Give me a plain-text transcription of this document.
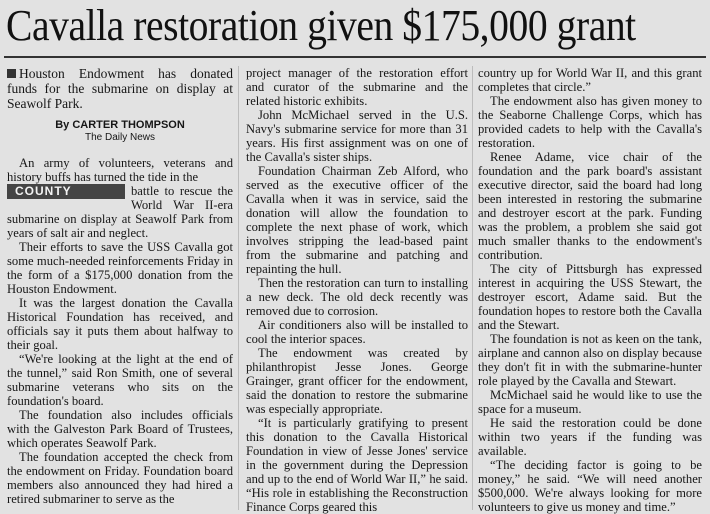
Cavalla restoration given $175,000 grant
Houston Endowment has donated funds for the submarine on display at Seawolf Park.
By CARTER THOMPSON
The Daily News

An army of volunteers, veterans and history buffs has turned the tide in the

COUNTY	battle to rescue the World War II-era submarine on display at Seawolf Park from years of salt air and neglect.

Their efforts to save the USS Cavalla got some much-needed reinforcements Friday in the form of a $175,000 donation from the Houston Endowment.

It was the largest donation the Cavalla Historical Foundation has received, and officials say it puts them about halfway to their goal.

“We're looking at the light at the end of the tunnel,” said Ron Smith, one of several submarine veterans who sits on the foundation's board.

The foundation also includes officials with the Galveston Park Board of Trustees, which operates Seawolf Park.

The foundation accepted the check from the endowment on Friday. Foundation board members also announced they had hired a retired submariner to serve as the

project manager of the restoration effort and curator of the submarine and the related historic exhibits.

John McMichael served in the U.S. Navy's submarine service for more than 31 years. His first assignment was on one of the Cavalla's sister ships.

Foundation Chairman Zeb Alford, who served as the executive officer of the Cavalla when it was in service, said the donation will allow the foundation to complete the next phase of work, which involves stripping the lead-based paint from the submarine and patching and repainting the hull.

Then the restoration can turn to installing a new deck. The old deck recently was removed due to corrosion.

Air conditioners also will be installed to cool the interior spaces.

The endowment was created by philanthropist Jesse Jones. George Grainger, grant officer for the endowment, said the donation to restore the submarine was especially appropriate.

“It is particularly gratifying to present this donation to the Cavalla Historical Foundation in view of Jesse Jones' service in the government during the Depression and up to the end of World War II,” he said. “His role in establishing the Reconstruction Finance Corps geared this

country up for World War II, and this grant completes that circle.”

The endowment also has given money to the Seaborne Challenge Corps, which has provided cadets to help with the Cavalla's restoration.

Renee Adame, vice chair of the foundation and the park board's assistant executive director, said the board had long been interested in restoring the submarine and destroyer escort at the park. Funding was the problem, a problem she said got much smaller thanks to the endowment's contribution.

The city of Pittsburgh has expressed interest in acquiring the USS Stewart, the destroyer escort, Adame said. But the foundation hopes to restore both the Cavalla and the Stewart.

The foundation is not as keen on the tank, airplane and cannon also on display because they don't fit in with the submarine-hunter role played by the Cavalla and Stewart.

McMichael said he would like to use the space for a museum.

He said the restoration could be done within two years if the funding was available.

“The deciding factor is going to be money,” he said. “We will need another $500,000. We're always looking for more volunteers to give us money and time.”
